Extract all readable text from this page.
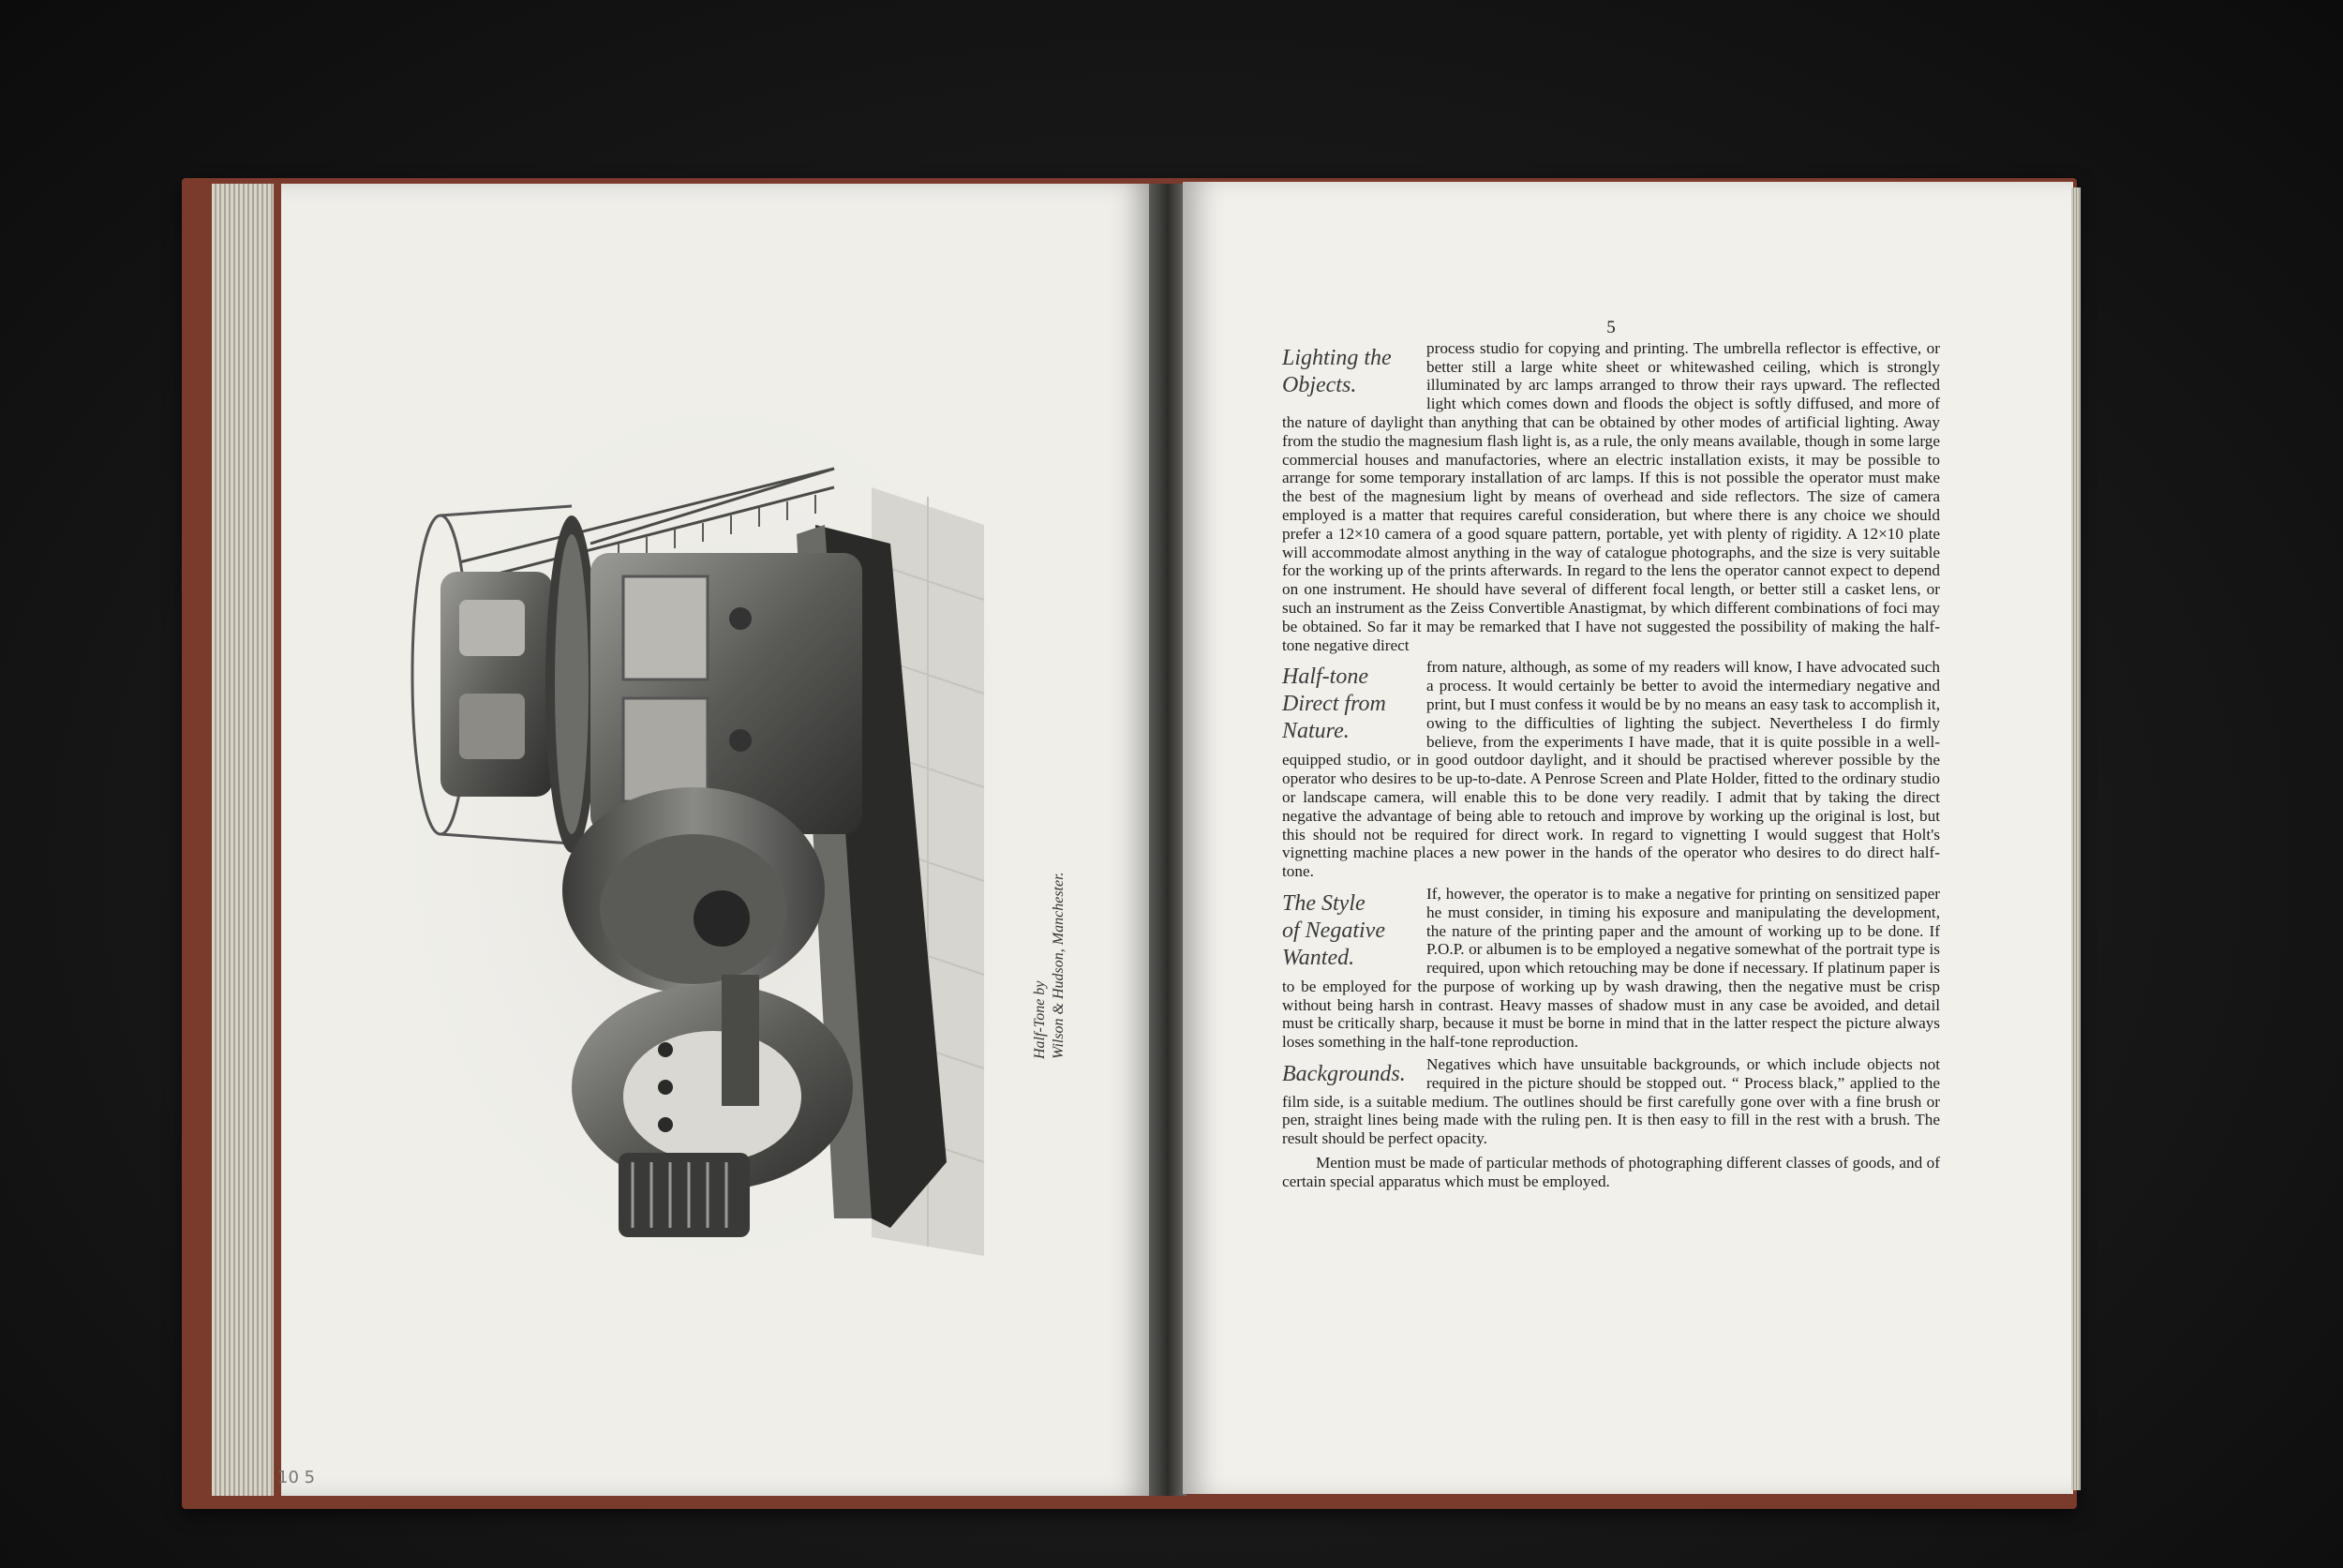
Half-Tone by Wilson & Hudson, Manchester.
10 5
5
Lighting the
Objects.

process studio for copying and printing. The umbrella reflector is effective, or better still a large white sheet or whitewashed ceiling, which is strongly illuminated by arc lamps arranged to throw their rays upward. The reflected light which comes down and floods the object is softly diffused, and more of the nature of daylight than anything that can be obtained by other modes of artificial lighting. Away from the studio the magnesium flash light is, as a rule, the only means available, though in some large commercial houses and manufactories, where an electric installation exists, it may be possible to arrange for some temporary installation of arc lamps. If this is not possible the operator must make the best of the magnesium light by means of overhead and side reflectors. The size of camera employed is a matter that requires careful consideration, but where there is any choice we should prefer a 12×10 camera of a good square pattern, portable, yet with plenty of rigidity. A 12×10 plate will accommodate almost anything in the way of catalogue photographs, and the size is very suitable for the working up of the prints afterwards. In regard to the lens the operator cannot expect to depend on one instrument. He should have several of different focal length, or better still a casket lens, or such an instrument as the Zeiss Convertible Anastigmat, by which different combinations of foci may be obtained. So far it may be remarked that I have not suggested the possibility of making the half-tone negative direct

Half-tone
Direct from
Nature.

from nature, although, as some of my readers will know, I have advocated such a process. It would certainly be better to avoid the intermediary negative and print, but I must confess it would be by no means an easy task to accomplish it, owing to the difficulties of lighting the subject. Nevertheless I do firmly believe, from the experiments I have made, that it is quite possible in a well-equipped studio, or in good outdoor daylight, and it should be practised wherever possible by the operator who desires to be up-to-date. A Penrose Screen and Plate Holder, fitted to the ordinary studio or landscape camera, will enable this to be done very readily. I admit that by taking the direct negative the advantage of being able to retouch and improve by working up the original is lost, but this should not be required for direct work. In regard to vignetting I would suggest that Holt's vignetting machine places a new power in the hands of the operator who desires to do direct half-tone.

The Style
of Negative
Wanted.

If, however, the operator is to make a negative for printing on sensitized paper he must consider, in timing his exposure and manipulating the development, the nature of the printing paper and the amount of working up to be done. If P.O.P. or albumen is to be employed a negative somewhat of the portrait type is required, upon which retouching may be done if necessary. If platinum paper is to be employed for the purpose of working up by wash drawing, then the negative must be crisp without being harsh in contrast. Heavy masses of shadow must in any case be avoided, and detail must be critically sharp, because it must be borne in mind that in the latter respect the picture always loses something in the half-tone reproduction.

Backgrounds.	Negatives which have unsuitable backgrounds, or which include objects not required in the picture should be stopped out. “ Process black,” applied to the film side, is a suitable medium. The outlines should be first carefully gone over with a fine brush or pen, straight lines being made with the ruling pen. It is then easy to fill in the rest with a brush. The result should be perfect opacity.

Mention must be made of particular methods of photographing different classes of goods, and of certain special apparatus which must be employed.
